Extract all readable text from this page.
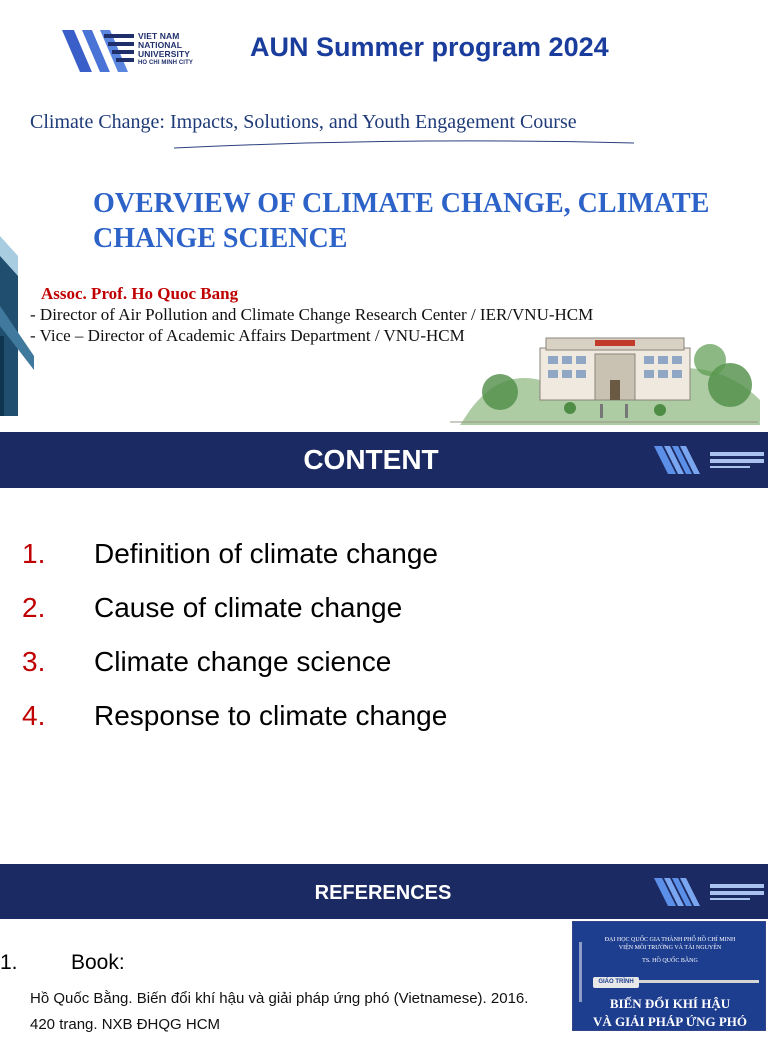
VIET NAM
NATIONAL
UNIVERSITY
HO CHI MINH CITY
AUN Summer program 2024
Climate Change: Impacts, Solutions, and Youth Engagement Course
OVERVIEW OF CLIMATE CHANGE, CLIMATE
CHANGE SCIENCE
Assoc. Prof. Ho Quoc Bang
- Director of Air Pollution and Climate Change Research Center / IER/VNU-HCM
- Vice – Director of Academic Affairs Department / VNU-HCM
CONTENT
1. Definition of climate change
2. Cause of climate change
3. Climate change science
4. Response to climate change
REFERENCES
1.	Book:
Hồ Quốc Bằng. Biến đổi khí hậu và giải pháp ứng phó (Vietnamese). 2016. 420 trang. NXB ĐHQG HCM
ĐẠI HỌC QUỐC GIA THÀNH PHỐ HỒ CHÍ MINH
VIỆN MÔI TRƯỜNG VÀ TÀI NGUYÊN
TS. HỒ QUỐC BẰNG
GIÁO TRÌNH
BIẾN ĐỔI KHÍ HẬU
VÀ GIẢI PHÁP ỨNG PHÓ
